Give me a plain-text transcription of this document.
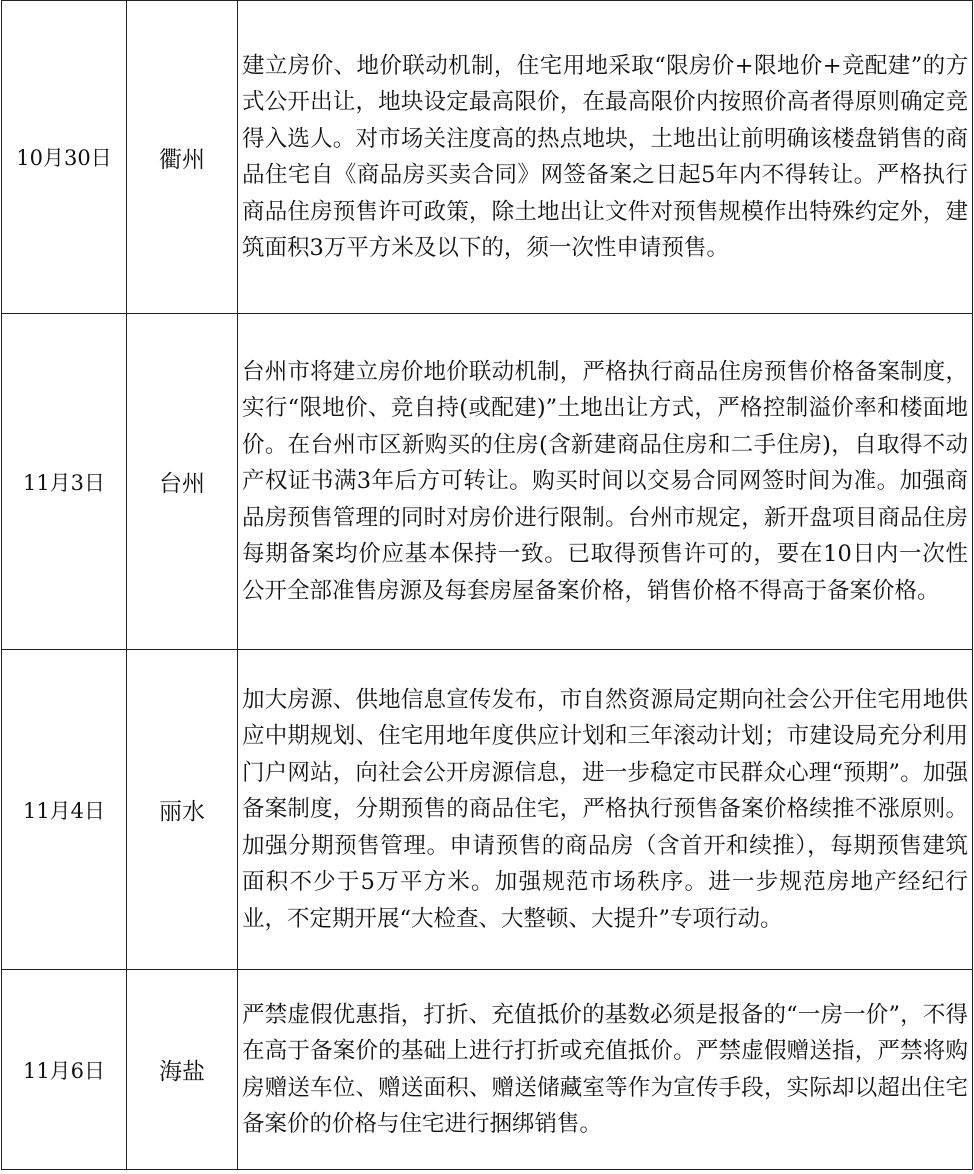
10月30日	衢州	建立房价、地价联动机制，住宅用地采取“限房价+限地价+竞配建”的方式公开出让，地块设定最高限价，在最高限价内按照价高者得原则确定竞得入选人。对市场关注度高的热点地块，土地出让前明确该楼盘销售的商品住宅自《商品房买卖合同》网签备案之日起5年内不得转让。严格执行商品住房预售许可政策，除土地出让文件对预售规模作出特殊约定外，建筑面积3万平方米及以下的，须一次性申请预售。
11月3日	台州	台州市将建立房价地价联动机制，严格执行商品住房预售价格备案制度，实行“限地价、竞自持(或配建)”土地出让方式，严格控制溢价率和楼面地价。在台州市区新购买的住房(含新建商品住房和二手住房)，自取得不动产权证书满3年后方可转让。购买时间以交易合同网签时间为准。加强商品房预售管理的同时对房价进行限制。台州市规定，新开盘项目商品住房每期备案均价应基本保持一致。已取得预售许可的，要在10日内一次性公开全部准售房源及每套房屋备案价格，销售价格不得高于备案价格。
11月4日	丽水	加大房源、供地信息宣传发布，市自然资源局定期向社会公开住宅用地供应中期规划、住宅用地年度供应计划和三年滚动计划；市建设局充分利用门户网站，向社会公开房源信息，进一步稳定市民群众心理“预期”。加强备案制度，分期预售的商品住宅，严格执行预售备案价格续推不涨原则。加强分期预售管理。申请预售的商品房（含首开和续推），每期预售建筑面积不少于5万平方米。加强规范市场秩序。进一步规范房地产经纪行业，不定期开展“大检查、大整顿、大提升”专项行动。
11月6日	海盐	严禁虚假优惠指，打折、充值抵价的基数必须是报备的“一房一价”，不得在高于备案价的基础上进行打折或充值抵价。严禁虚假赠送指，严禁将购房赠送车位、赠送面积、赠送储藏室等作为宣传手段，实际却以超出住宅备案价的价格与住宅进行捆绑销售。
